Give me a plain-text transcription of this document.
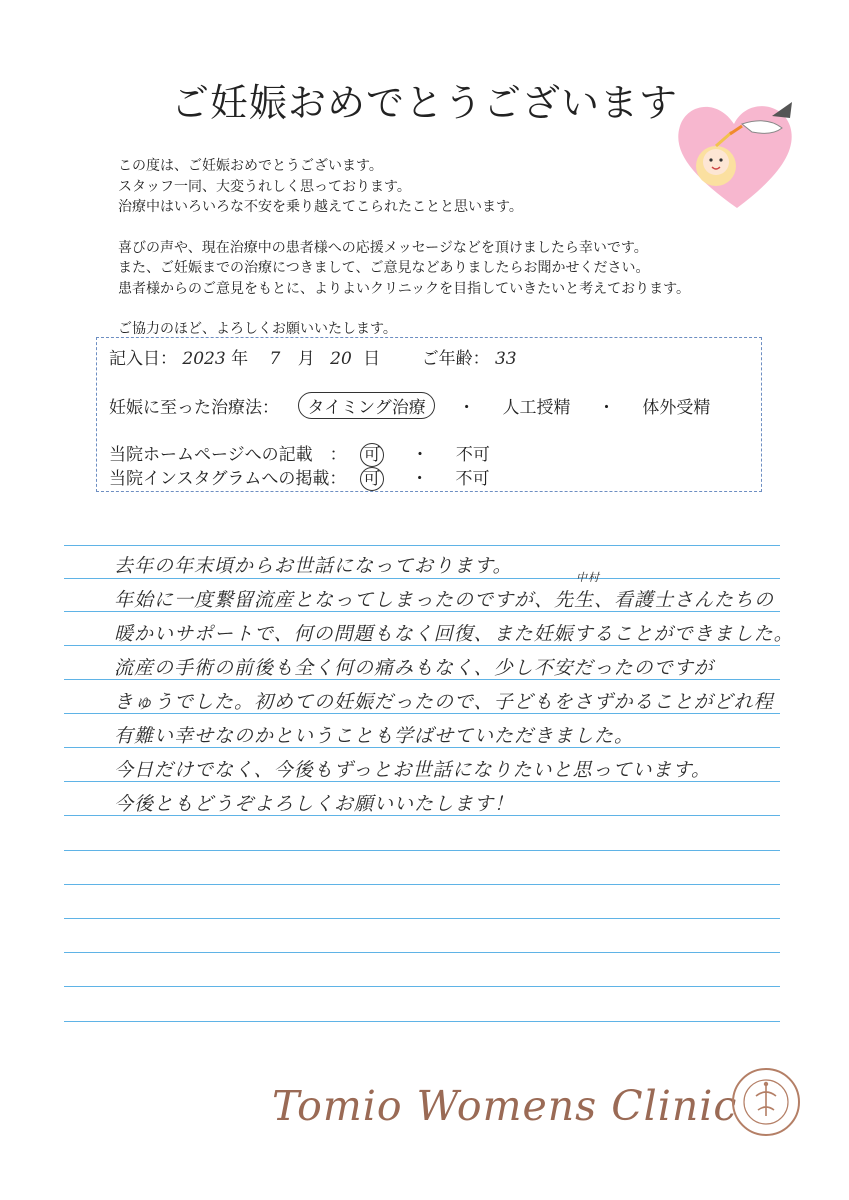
ご妊娠おめでとうございます

この度は、ご妊娠おめでとうございます。

スタッフ一同、大変うれしく思っております。

治療中はいろいろな不安を乗り越えてこられたことと思います。

喜びの声や、現在治療中の患者様への応援メッセージなどを頂けましたら幸いです。

また、ご妊娠までの治療につきまして、ご意見などありましたらお聞かせください。

患者様からのご意見をもとに、よりよいクリニックを目指していきたいと考えております。

ご協力のほど、よろしくお願いいたします。

記入日： 2023 年 7 月 20 日 ご年齢： 33
妊娠に至った治療法： タイミング治療 ・ 人工授精 ・ 体外受精
当院ホームページへの記載　： 可 ・ 不可
当院インスタグラムへの掲載： 可 ・ 不可
去年の年末頃からお世話になっております。
中村
年始に一度繋留流産となってしまったのですが、先生、看護士さんたちの
暖かいサポートで、何の問題もなく回復、また妊娠することができました。
流産の手術の前後も全く何の痛みもなく、少し不安だったのですが
きゅうでした。初めての妊娠だったので、子どもをさずかることがどれ程
有難い幸せなのかということも学ばせていただきました。
今日だけでなく、今後もずっとお世話になりたいと思っています。
今後ともどうぞよろしくお願いいたします！
Tomio Womens Clinic
